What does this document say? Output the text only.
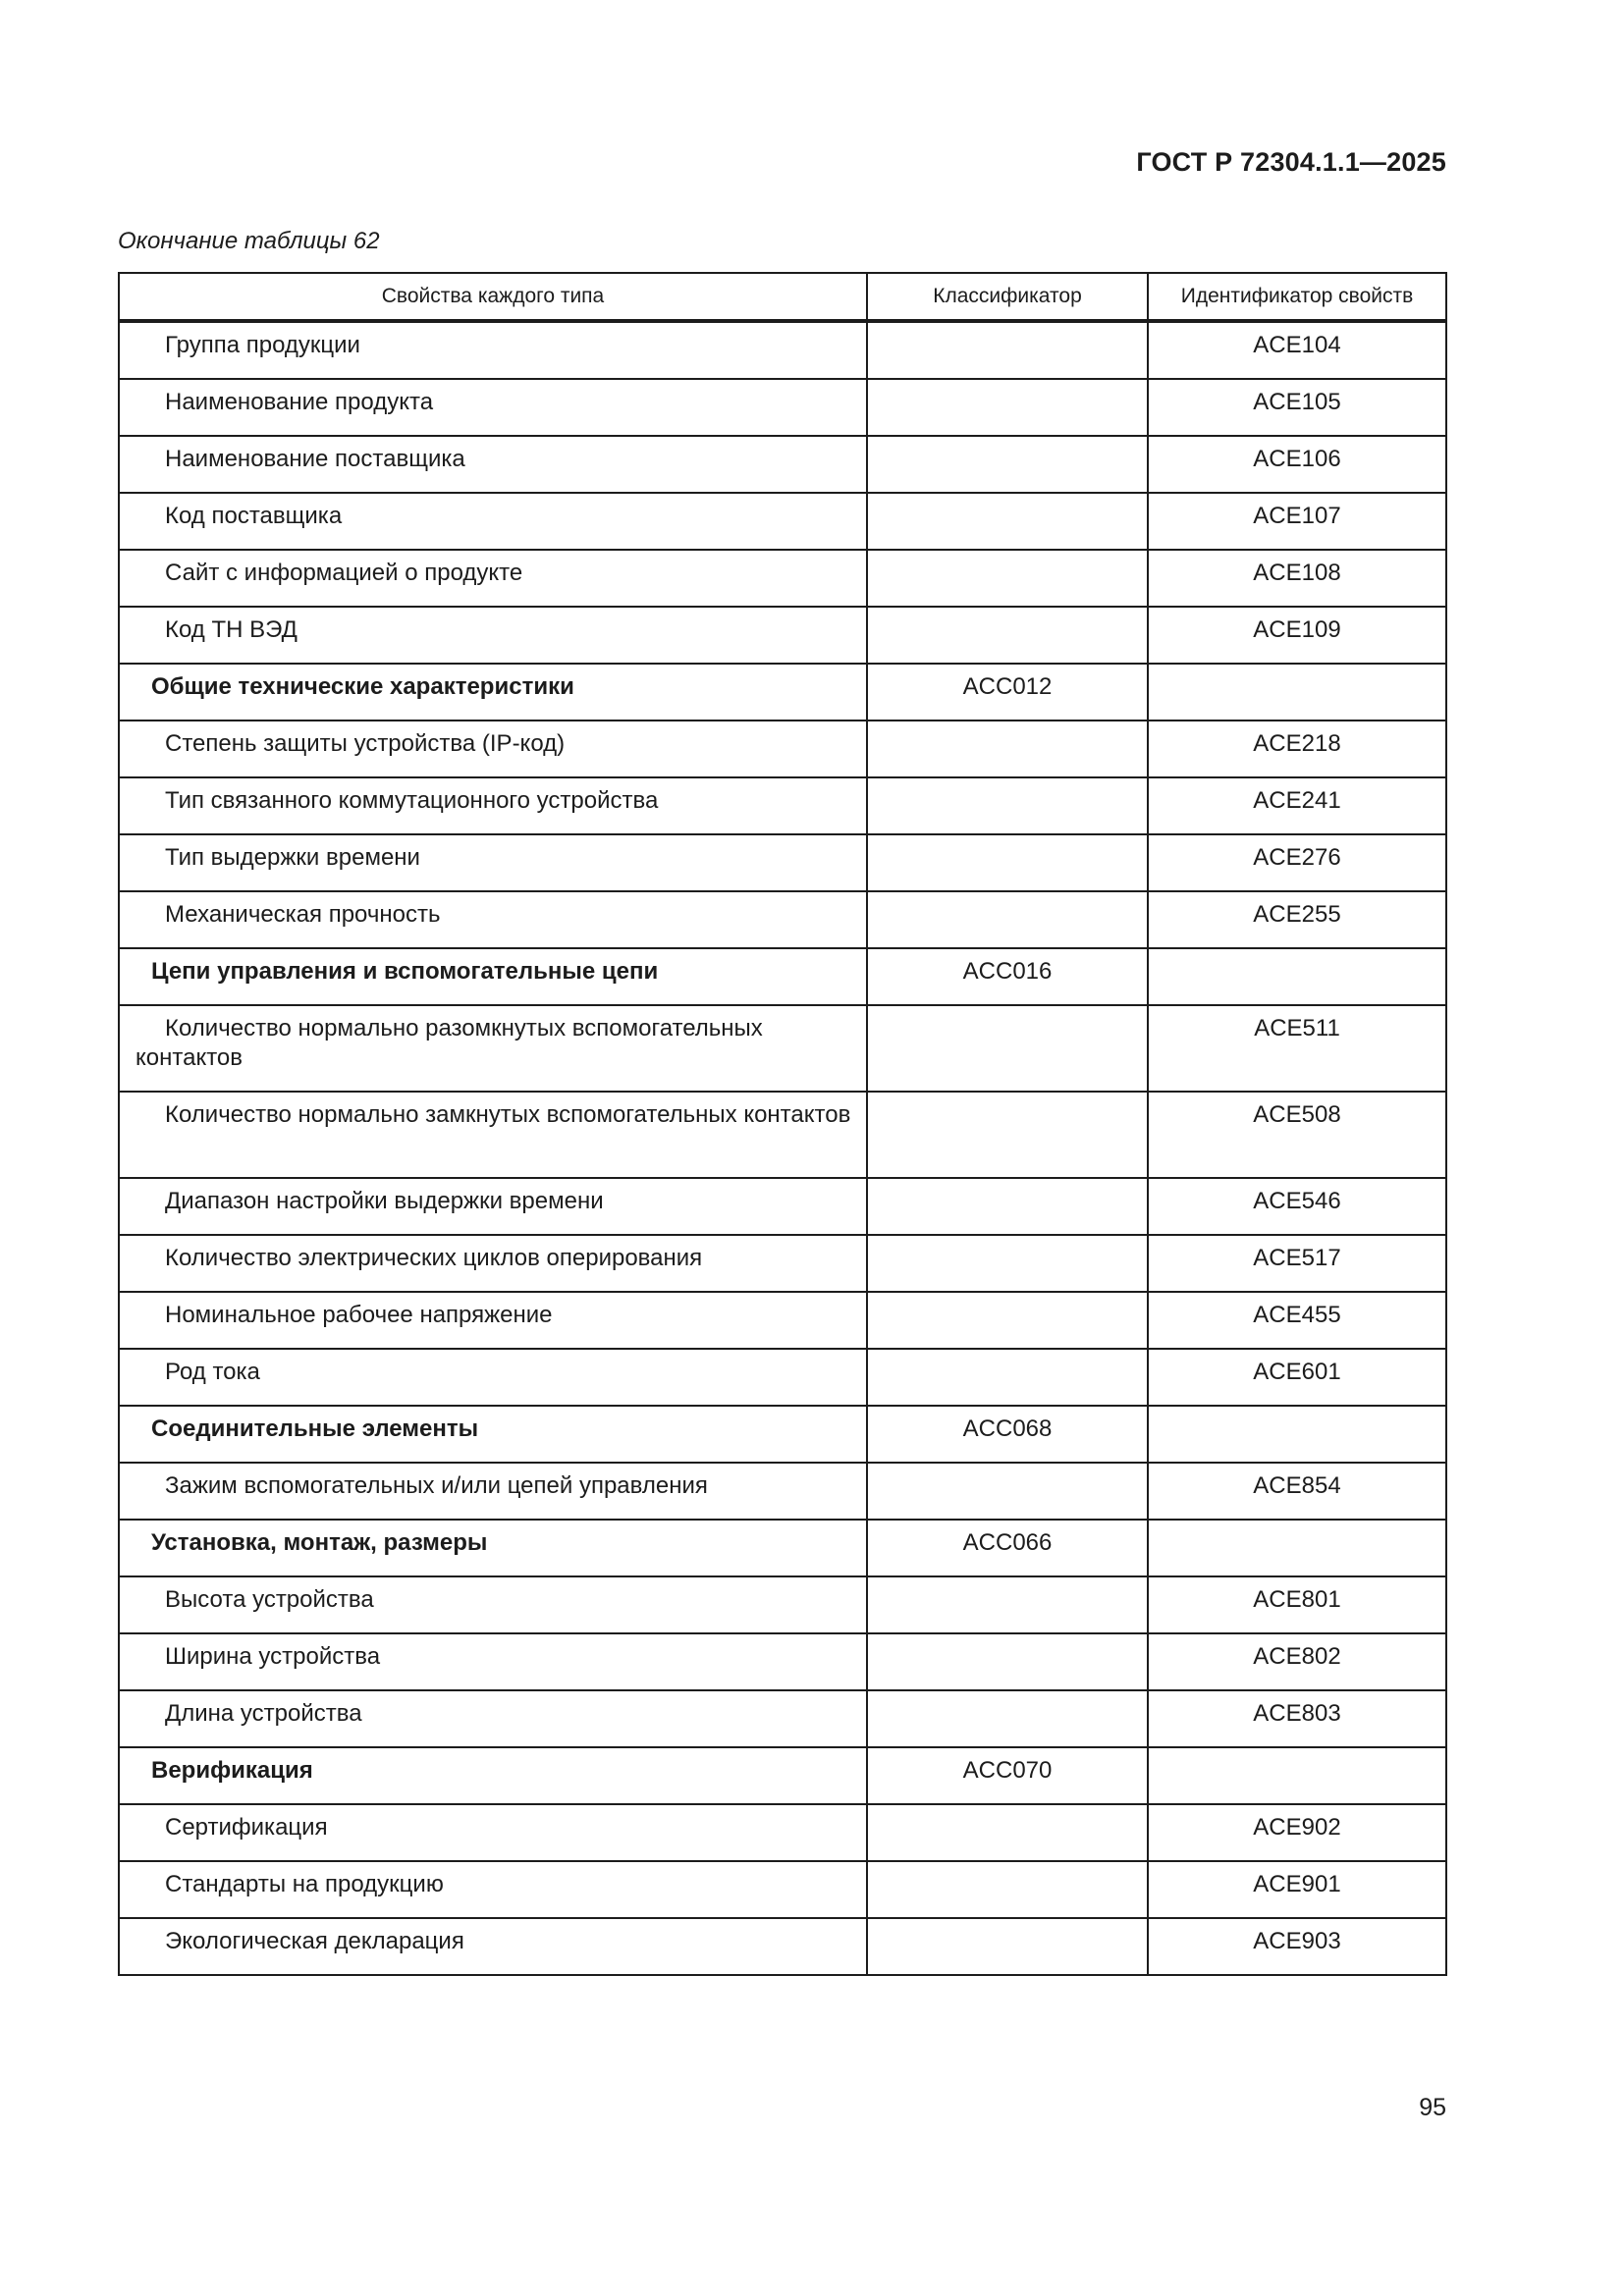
ГОСТ Р 72304.1.1—2025
Окончание таблицы 62
Свойства каждого типа	Классификатор	Идентификатор свойств
Группа продукции		ACE104
Наименование продукта		ACE105
Наименование поставщика		ACE106
Код поставщика		ACE107
Сайт с информацией о продукте		ACE108
Код ТН ВЭД		ACE109
Общие технические характеристики	ACC012	
Степень защиты устройства (IP-код)		ACE218
Тип связанного коммутационного устройства		ACE241
Тип выдержки времени		ACE276
Механическая прочность		ACE255
Цепи управления и вспомогательные цепи	ACC016	

Количество нормально разомкнутых вспомогательных контактов		ACE511

Количество нормально замкнутых вспомогательных контактов		ACE508
Диапазон настройки выдержки времени		ACE546
Количество электрических циклов оперирования		ACE517
Номинальное рабочее напряжение		ACE455
Род тока		ACE601
Соединительные элементы	ACC068	
Зажим вспомогательных и/или цепей управления		ACE854
Установка, монтаж, размеры	ACC066	
Высота устройства		ACE801
Ширина устройства		ACE802
Длина устройства		ACE803
Верификация	ACC070	
Сертификация		ACE902
Стандарты на продукцию		ACE901
Экологическая декларация		ACE903
95
